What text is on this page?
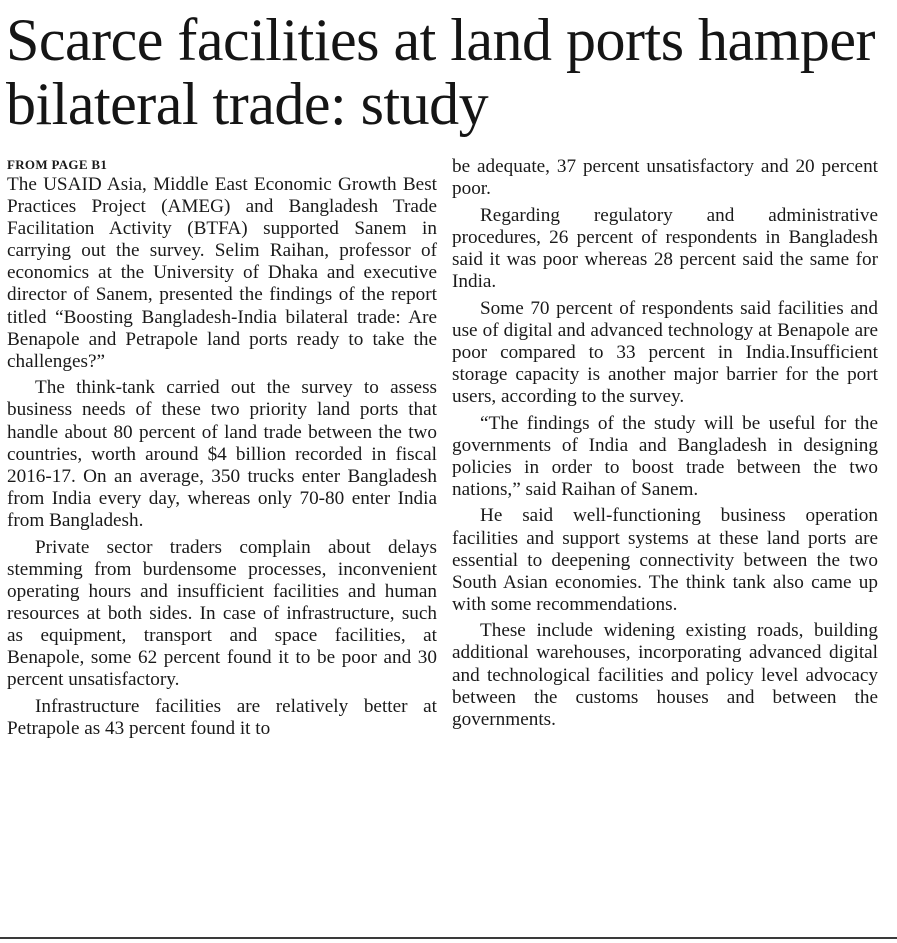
Scarce facilities at land ports hamper bilateral trade: study

FROM PAGE B1

The USAID Asia, Middle East Economic Growth Best Practices Project (AMEG) and Bangladesh Trade Facilitation Activity (BTFA) supported Sanem in carrying out the survey. Selim Raihan, professor of economics at the University of Dhaka and executive director of Sanem, presented the findings of the report titled “Boosting Bangladesh-India bilateral trade: Are Benapole and Petrapole land ports ready to take the challenges?”

The think-tank carried out the survey to assess business needs of these two priority land ports that handle about 80 percent of land trade between the two countries, worth around $4 billion recorded in fiscal 2016-17. On an average, 350 trucks enter Bangladesh from India every day, whereas only 70-80 enter India from Bangladesh.

Private sector traders complain about delays stemming from burdensome processes, inconvenient operating hours and insufficient facilities and human resources at both sides. In case of infrastructure, such as equipment, transport and space facilities, at Benapole, some 62 percent found it to be poor and 30 percent unsatisfactory.

Infrastructure facilities are relatively better at Petrapole as 43 percent found it to

be adequate, 37 percent unsatisfactory and 20 percent poor.

Regarding regulatory and administrative procedures, 26 percent of respondents in Bangladesh said it was poor whereas 28 percent said the same for India.

Some 70 percent of respondents said facilities and use of digital and advanced technology at Benapole are poor compared to 33 percent in India.Insufficient storage capacity is another major barrier for the port users, according to the survey.

“The findings of the study will be useful for the governments of India and Bangladesh in designing policies in order to boost trade between the two nations,” said Raihan of Sanem.

He said well-functioning business operation facilities and support systems at these land ports are essential to deepening connectivity between the two South Asian economies. The think tank also came up with some recommendations.

These include widening existing roads, building additional warehouses, incorporating advanced digital and technological facilities and policy level advocacy between the customs houses and between the governments.
